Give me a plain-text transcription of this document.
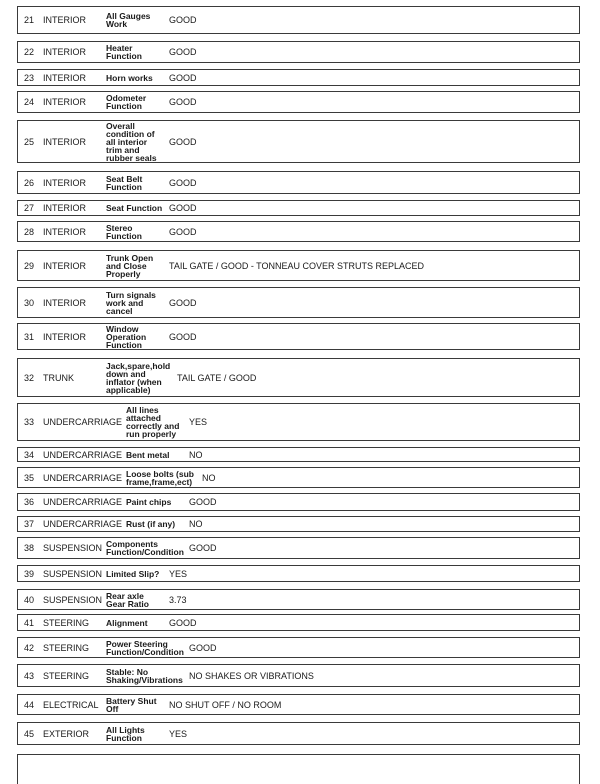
21 INTERIOR All Gauges
Work	GOOD
22 INTERIOR Heater
Function	GOOD
23 INTERIOR Horn works GOOD
24 INTERIOR Odometer
Function	GOOD
25 INTERIOR
Overall
condition of
all interior
trim and
rubber seals
GOOD
26 INTERIOR Seat Belt
Function	GOOD
27 INTERIOR Seat Function GOOD
28 INTERIOR Stereo
Function	GOOD
29 INTERIOR
Trunk Open
and Close
Properly
TAIL GATE / GOOD - TONNEAU COVER STRUTS REPLACED
30 INTERIOR
Turn signals
work and
cancel
GOOD
31 INTERIOR
Window
Operation
Function
GOOD
32 TRUNK
Jack,spare,hold
down and
inflator (when
applicable)
TAIL GATE / GOOD
33 UNDERCARRIAGE
All lines
attached
correctly and
run properly
YES
34 UNDERCARRIAGE Bent metal NO
35 UNDERCARRIAGE Loose bolts (sub
frame,frame,ect) NO
36 UNDERCARRIAGE Paint chips GOOD
37 UNDERCARRIAGE Rust (if any) NO
38 SUSPENSION Components
Function/Condition GOOD
39 SUSPENSION Limited Slip? YES
40 SUSPENSION Rear axle
Gear Ratio 3.73
41 STEERING Alignment GOOD
42 STEERING Power Steering
Function/Condition GOOD
43 STEERING Stable: No
Shaking/Vibrations NO SHAKES OR VIBRATIONS
44 ELECTRICAL Battery Shut
Off	NO SHUT OFF / NO ROOM
45 EXTERIOR All Lights
Function	YES
